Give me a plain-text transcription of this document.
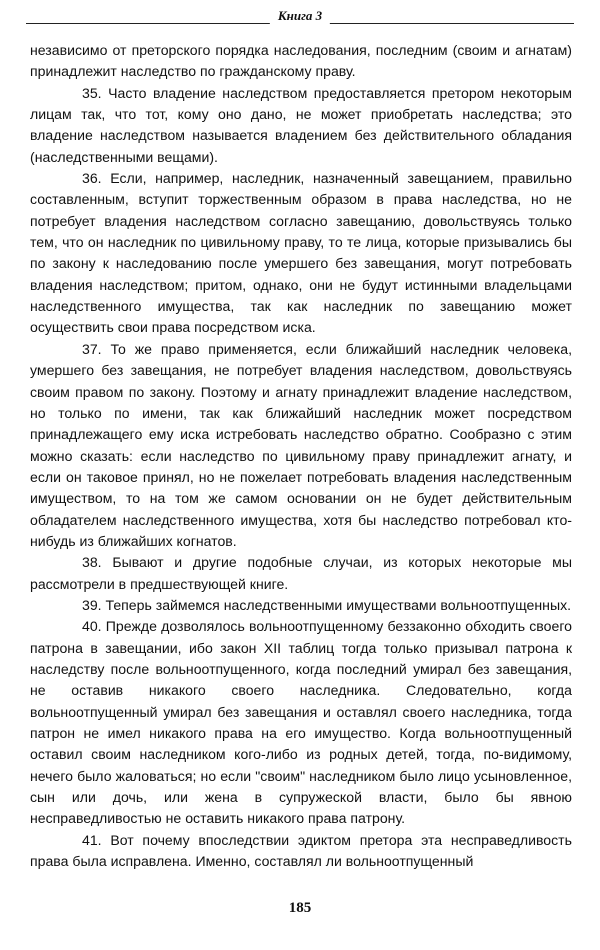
Книга 3

независимо от преторского порядка наследования, последним (своим и агнатам) принадлежит наследство по гражданскому праву.

35. Часто владение наследством предоставляется претором некоторым лицам так, что тот, кому оно дано, не может приобретать наследства; это владение наследством называется владением без действительного обладания (наследственными вещами).

36. Если, например, наследник, назначенный завещанием, правильно составленным, вступит торжественным образом в права наследства, но не потребует владения наследством согласно завещанию, довольствуясь только тем, что он наследник по цивильному праву, то те лица, которые призывались бы по закону к наследованию после умершего без завещания, могут потребовать владения наследством; притом, однако, они не будут истинными владельцами наследственного имущества, так как наследник по завещанию может осуществить свои права посредством иска.

37. То же право применяется, если ближайший наследник человека, умершего без завещания, не потребует владения наследством, довольствуясь своим правом по закону. Поэтому и агнату принадлежит владение наследством, но только по имени, так как ближайший наследник может посредством принадлежащего ему иска истребовать наследство обратно. Сообразно с этим можно сказать: если наследство по цивильному праву принадлежит агнату, и если он таковое принял, но не пожелает потребовать владения наследственным имуществом, то на том же самом основании он не будет действительным обладателем наследственного имущества, хотя бы наследство потребовал кто-нибудь из ближайших когнатов.

38. Бывают и другие подобные случаи, из которых некоторые мы рассмотрели в предшествующей книге.

39. Теперь займемся наследственными имуществами вольноотпущенных.

40. Прежде дозволялось вольноотпущенному беззаконно обходить своего патрона в завещании, ибо закон XII таблиц тогда только призывал патрона к наследству после вольноотпущенного, когда последний умирал без завещания, не оставив никакого своего наследника. Следовательно, когда вольноотпущенный умирал без завещания и оставлял своего наследника, тогда патрон не имел никакого права на его имущество. Когда вольноотпущенный оставил своим наследником кого-либо из родных детей, тогда, по-видимому, нечего было жаловаться; но если "своим" наследником было лицо усыновленное, сын или дочь, или жена в супружеской власти, было бы явною несправедливостью не оставить никакого права патрону.

41. Вот почему впоследствии эдиктом претора эта несправедливость права была исправлена. Именно, составлял ли вольноотпущенный

185
